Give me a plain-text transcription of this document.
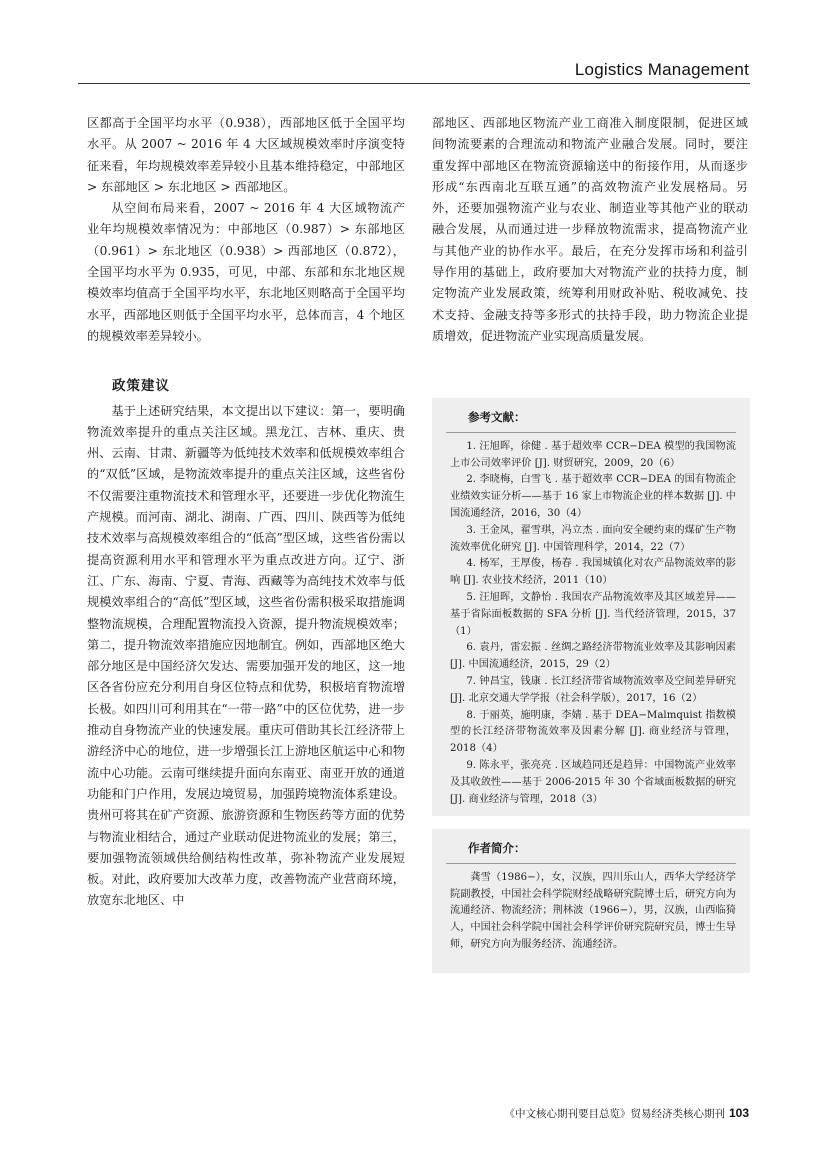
Logistics Management

区都高于全国平均水平（0.938），西部地区低于全国平均水平。从 2007 ~ 2016 年 4 大区域规模效率时序演变特征来看，年均规模效率差异较小且基本维持稳定，中部地区 > 东部地区 > 东北地区 > 西部地区。

从空间布局来看，2007 ~ 2016 年 4 大区域物流产业年均规模效率情况为：中部地区（0.987）> 东部地区（0.961）> 东北地区（0.938）> 西部地区（0.872），全国平均水平为 0.935，可见，中部、东部和东北地区规模效率均值高于全国平均水平，东北地区则略高于全国平均水平，西部地区则低于全国平均水平，总体而言，4 个地区的规模效率差异较小。

政策建议

基于上述研究结果，本文提出以下建议：第一，要明确物流效率提升的重点关注区域。黑龙江、吉林、重庆、贵州、云南、甘肃、新疆等为低纯技术效率和低规模效率组合的“双低”区域，是物流效率提升的重点关注区域，这些省份不仅需要注重物流技术和管理水平，还要进一步优化物流生产规模。而河南、湖北、湖南、广西、四川、陕西等为低纯技术效率与高规模效率组合的“低高”型区域，这些省份需以提高资源利用水平和管理水平为重点改进方向。辽宁、浙江、广东、海南、宁夏、青海、西藏等为高纯技术效率与低规模效率组合的“高低”型区域，这些省份需积极采取措施调整物流规模，合理配置物流投入资源，提升物流规模效率；第二，提升物流效率措施应因地制宜。例如，西部地区绝大部分地区是中国经济欠发达、需要加强开发的地区，这一地区各省份应充分利用自身区位特点和优势，积极培育物流增长极。如四川可利用其在“一带一路”中的区位优势，进一步推动自身物流产业的快速发展。重庆可借助其长江经济带上游经济中心的地位，进一步增强长江上游地区航运中心和物流中心功能。云南可继续提升面向东南亚、南亚开放的通道功能和门户作用，发展边境贸易，加强跨境物流体系建设。贵州可将其在矿产资源、旅游资源和生物医药等方面的优势与物流业相结合，通过产业联动促进物流业的发展；第三，要加强物流领域供给侧结构性改革，弥补物流产业发展短板。对此，政府要加大改革力度，改善物流产业营商环境，放宽东北地区、中

部地区、西部地区物流产业工商准入制度限制，促进区域间物流要素的合理流动和物流产业融合发展。同时，要注重发挥中部地区在物流资源输送中的衔接作用，从而逐步形成“东西南北互联互通”的高效物流产业发展格局。另外，还要加强物流产业与农业、制造业等其他产业的联动融合发展，从而通过进一步释放物流需求，提高物流产业与其他产业的协作水平。最后，在充分发挥市场和利益引导作用的基础上，政府要加大对物流产业的扶持力度，制定物流产业发展政策，统筹利用财政补贴、税收减免、技术支持、金融支持等多形式的扶持手段，助力物流企业提质增效，促进物流产业实现高质量发展。

参考文献：
1. 汪旭晖，徐健 . 基于超效率 CCR−DEA 模型的我国物流上市公司效率评价 [J]. 财贸研究，2009，20（6）
2. 李晓梅，白雪飞 . 基于超效率 CCR−DEA 的国有物流企业绩效实证分析——基于 16 家上市物流企业的样本数据 [J]. 中国流通经济，2016，30（4）
3. 王金凤，翟雪琪，冯立杰 . 面向安全硬约束的煤矿生产物流效率优化研究 [J]. 中国管理科学，2014，22（7）
4. 杨军，王厚俊，杨春 . 我国城镇化对农产品物流效率的影响 [J]. 农业技术经济，2011（10）
5. 汪旭晖，文静怡 . 我国农产品物流效率及其区域差异——基于省际面板数据的 SFA 分析 [J]. 当代经济管理，2015，37（1）
6. 袁丹，雷宏振 . 丝绸之路经济带物流业效率及其影响因素 [J]. 中国流通经济，2015，29（2）
7. 钟昌宝，钱康 . 长江经济带省域物流效率及空间差异研究 [J]. 北京交通大学学报（社会科学版），2017，16（2）
8. 于丽英，施明康，李婧 . 基于 DEA−Malmquist 指数模型的长江经济带物流效率及因素分解 [J]. 商业经济与管理，2018（4）
9. 陈永平，张亮亮 . 区域趋同还是趋异：中国物流产业效率及其收敛性——基于 2006-2015 年 30 个省域面板数据的研究 [J]. 商业经济与管理，2018（3）
作者简介：
龚雪（1986−），女，汉族，四川乐山人，西华大学经济学院副教授，中国社会科学院财经战略研究院博士后，研究方向为流通经济、物流经济；荆林波（1966−），男，汉族，山西临猗人，中国社会科学院中国社会科学评价研究院研究员，博士生导师，研究方向为服务经济、流通经济。
《中文核心期刊要目总览》贸易经济类核心期刊 103
